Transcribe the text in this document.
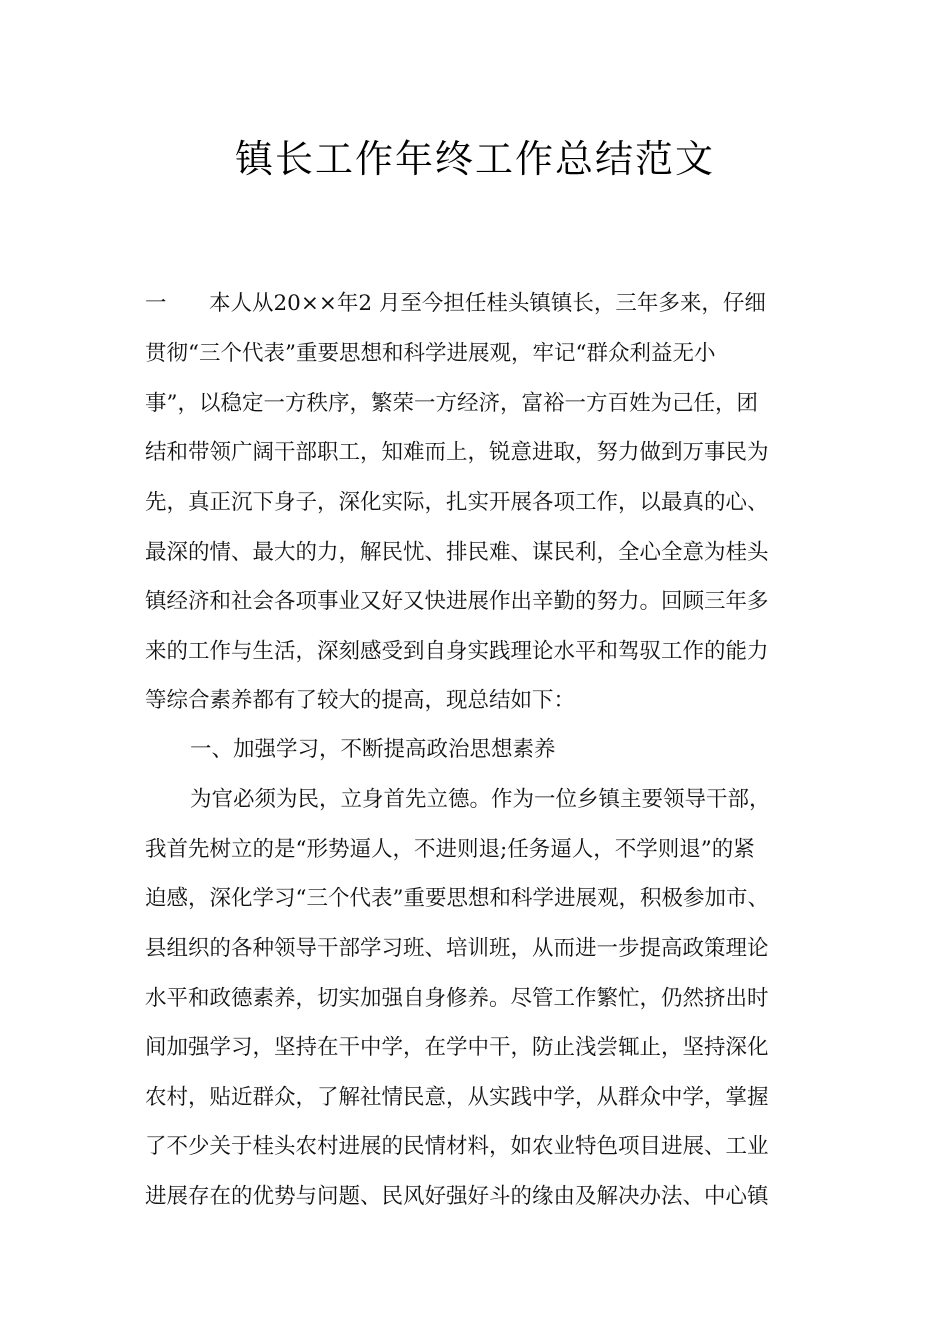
镇长工作年终工作总结范文
一 本人从20××年2 月至今担任桂头镇镇长，三年多来，仔细
贯彻“三个代表”重要思想和科学进展观，牢记“群众利益无小
事”，以稳定一方秩序，繁荣一方经济，富裕一方百姓为己任，团
结和带领广阔干部职工，知难而上，锐意进取，努力做到万事民为
先，真正沉下身子，深化实际，扎实开展各项工作，以最真的心、
最深的情、最大的力，解民忧、排民难、谋民利，全心全意为桂头
镇经济和社会各项事业又好又快进展作出辛勤的努力。回顾三年多
来的工作与生活，深刻感受到自身实践理论水平和驾驭工作的能力
等综合素养都有了较大的提高，现总结如下：
一、加强学习，不断提高政治思想素养
为官必须为民，立身首先立德。作为一位乡镇主要领导干部，
我首先树立的是“形势逼人，不进则退;任务逼人，不学则退”的紧
迫感，深化学习“三个代表”重要思想和科学进展观，积极参加市、
县组织的各种领导干部学习班、培训班，从而进一步提高政策理论
水平和政德素养，切实加强自身修养。尽管工作繁忙，仍然挤出时
间加强学习，坚持在干中学，在学中干，防止浅尝辄止，坚持深化
农村，贴近群众，了解社情民意，从实践中学，从群众中学，掌握
了不少关于桂头农村进展的民情材料，如农业特色项目进展、工业
进展存在的优势与问题、民风好强好斗的缘由及解决办法、中心镇
